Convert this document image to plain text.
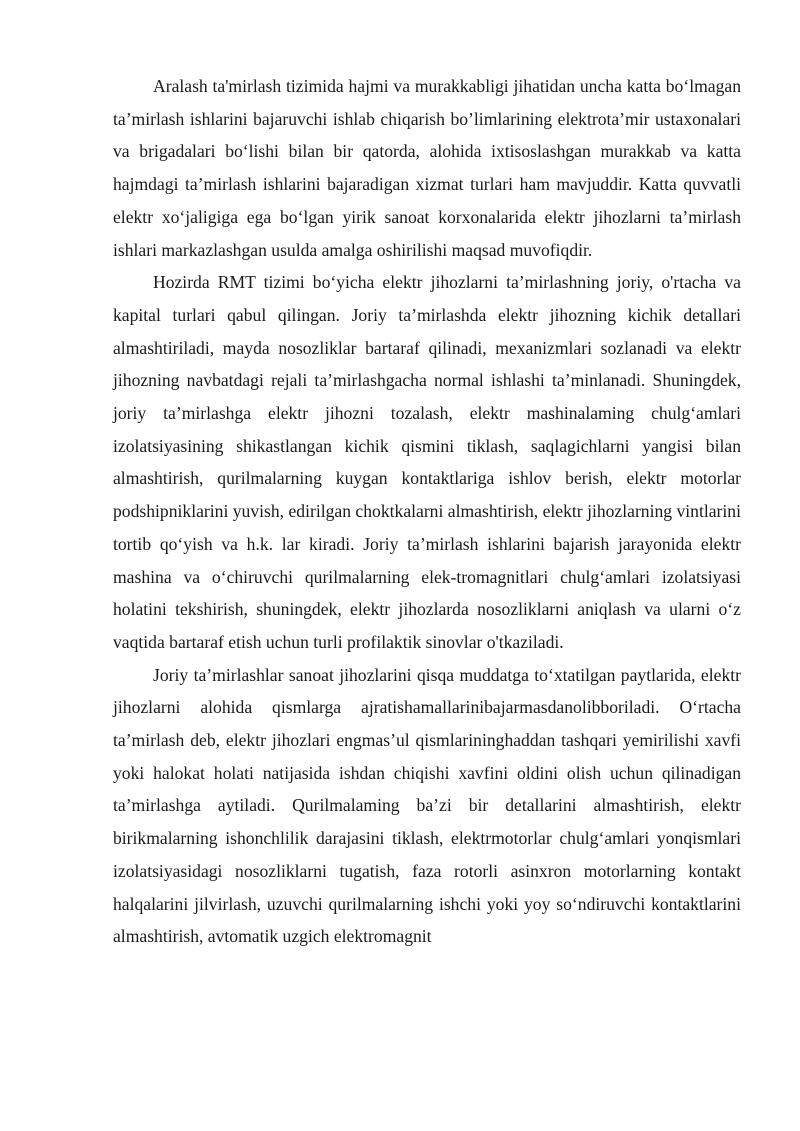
Aralash ta'mirlash tizimida hajmi va murakkabligi jihatidan uncha katta bo‘lmagan ta’mirlash ishlarini bajaruvchi ishlab chiqarish bo’limlarining elektrota’mir ustaxonalari va brigadalari bo‘lishi bilan bir qatorda, alohida ixtisoslashgan murakkab va katta hajmdagi ta’mirlash ishlarini bajaradigan xizmat turlari ham mavjuddir. Katta quvvatli elektr xo‘jaligiga ega bo‘lgan yirik sanoat korxonalarida elektr jihozlarni ta’mirlash ishlari markazlashgan usulda amalga oshirilishi maqsad muvofiqdir.

Hozirda RMT tizimi bo‘yicha elektr jihozlarni ta’mirlashning joriy, o'rtacha va kapital turlari qabul qilingan. Joriy ta’mirlashda elektr jihozning kichik detallari almashtiriladi, mayda nosozliklar bartaraf qilinadi, mexanizmlari sozlanadi va elektr jihozning navbatdagi rejali ta’mirlashgacha normal ishlashi ta’minlanadi. Shuningdek, joriy ta’mirlashga elektr jihozni tozalash, elektr mashinalaming chulg‘amlari izolatsiyasining shikastlangan kichik qismini tiklash, saqlagichlarni yangisi bilan almashtirish, qurilmalarning kuygan kontaktlariga ishlov berish, elektr motorlar podshipniklarini yuvish, edirilgan choktkalarni almashtirish, elektr jihozlarning vintlarini tortib qo‘yish va h.k. lar kiradi. Joriy ta’mirlash ishlarini bajarish jarayonida elektr mashina va o‘chiruvchi qurilmalarning elek-tromagnitlari chulg‘amlari izolatsiyasi holatini tekshirish, shuningdek, elektr jihozlarda nosozliklarni aniqlash va ularni o‘z vaqtida bartaraf etish uchun turli profilaktik sinovlar o'tkaziladi.

Joriy ta’mirlashlar sanoat jihozlarini qisqa muddatga to‘xtatilgan paytlarida, elektr jihozlarni alohida qismlarga ajratishamallarinibajarmasdanolibboriladi. O‘rtacha ta’mirlash deb, elektr jihozlari engmas’ul qismlarininghaddan tashqari yemirilishi xavfi yoki halokat holati natijasida ishdan chiqishi xavfini oldini olish uchun qilinadigan ta’mirlashga aytiladi. Qurilmalaming ba’zi bir detallarini almashtirish, elektr birikmalarning ishonchlilik darajasini tiklash, elektrmotorlar chulg‘amlari yonqismlari izolatsiyasidagi nosozliklarni tugatish, faza rotorli asinxron motorlarning kontakt halqalarini jilvirlash, uzuvchi qurilmalarning ishchi yoki yoy so‘ndiruvchi kontaktlarini almashtirish, avtomatik uzgich elektromagnit
